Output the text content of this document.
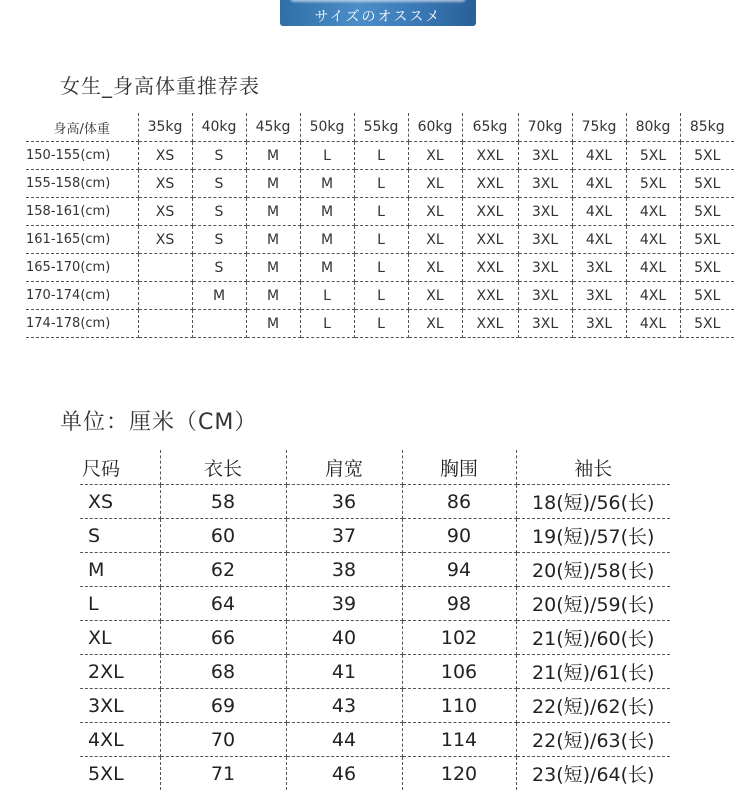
サイズのオススメ
女生_身高体重推荐表
身高/体重	35kg	40kg	45kg	50kg	55kg	60kg	65kg	70kg	75kg	80kg	85kg
150-155(cm)	XS	S	M	L	L	XL	XXL	3XL	4XL	5XL	5XL
155-158(cm)	XS	S	M	M	L	XL	XXL	3XL	4XL	5XL	5XL
158-161(cm)	XS	S	M	M	L	XL	XXL	3XL	4XL	4XL	5XL
161-165(cm)	XS	S	M	M	L	XL	XXL	3XL	4XL	4XL	5XL
165-170(cm)		S	M	M	L	XL	XXL	3XL	3XL	4XL	5XL
170-174(cm)		M	M	L	L	XL	XXL	3XL	3XL	4XL	5XL
174-178(cm)			M	L	L	XL	XXL	3XL	3XL	4XL	5XL
单位：厘米（CM）
尺码	衣长	肩宽	胸围	袖长
XS	58	36	86	18(短)/56(长)
S	60	37	90	19(短)/57(长)
M	62	38	94	20(短)/58(长)
L	64	39	98	20(短)/59(长)
XL	66	40	102	21(短)/60(长)
2XL	68	41	106	21(短)/61(长)
3XL	69	43	110	22(短)/62(长)
4XL	70	44	114	22(短)/63(长)
5XL	71	46	120	23(短)/64(长)
